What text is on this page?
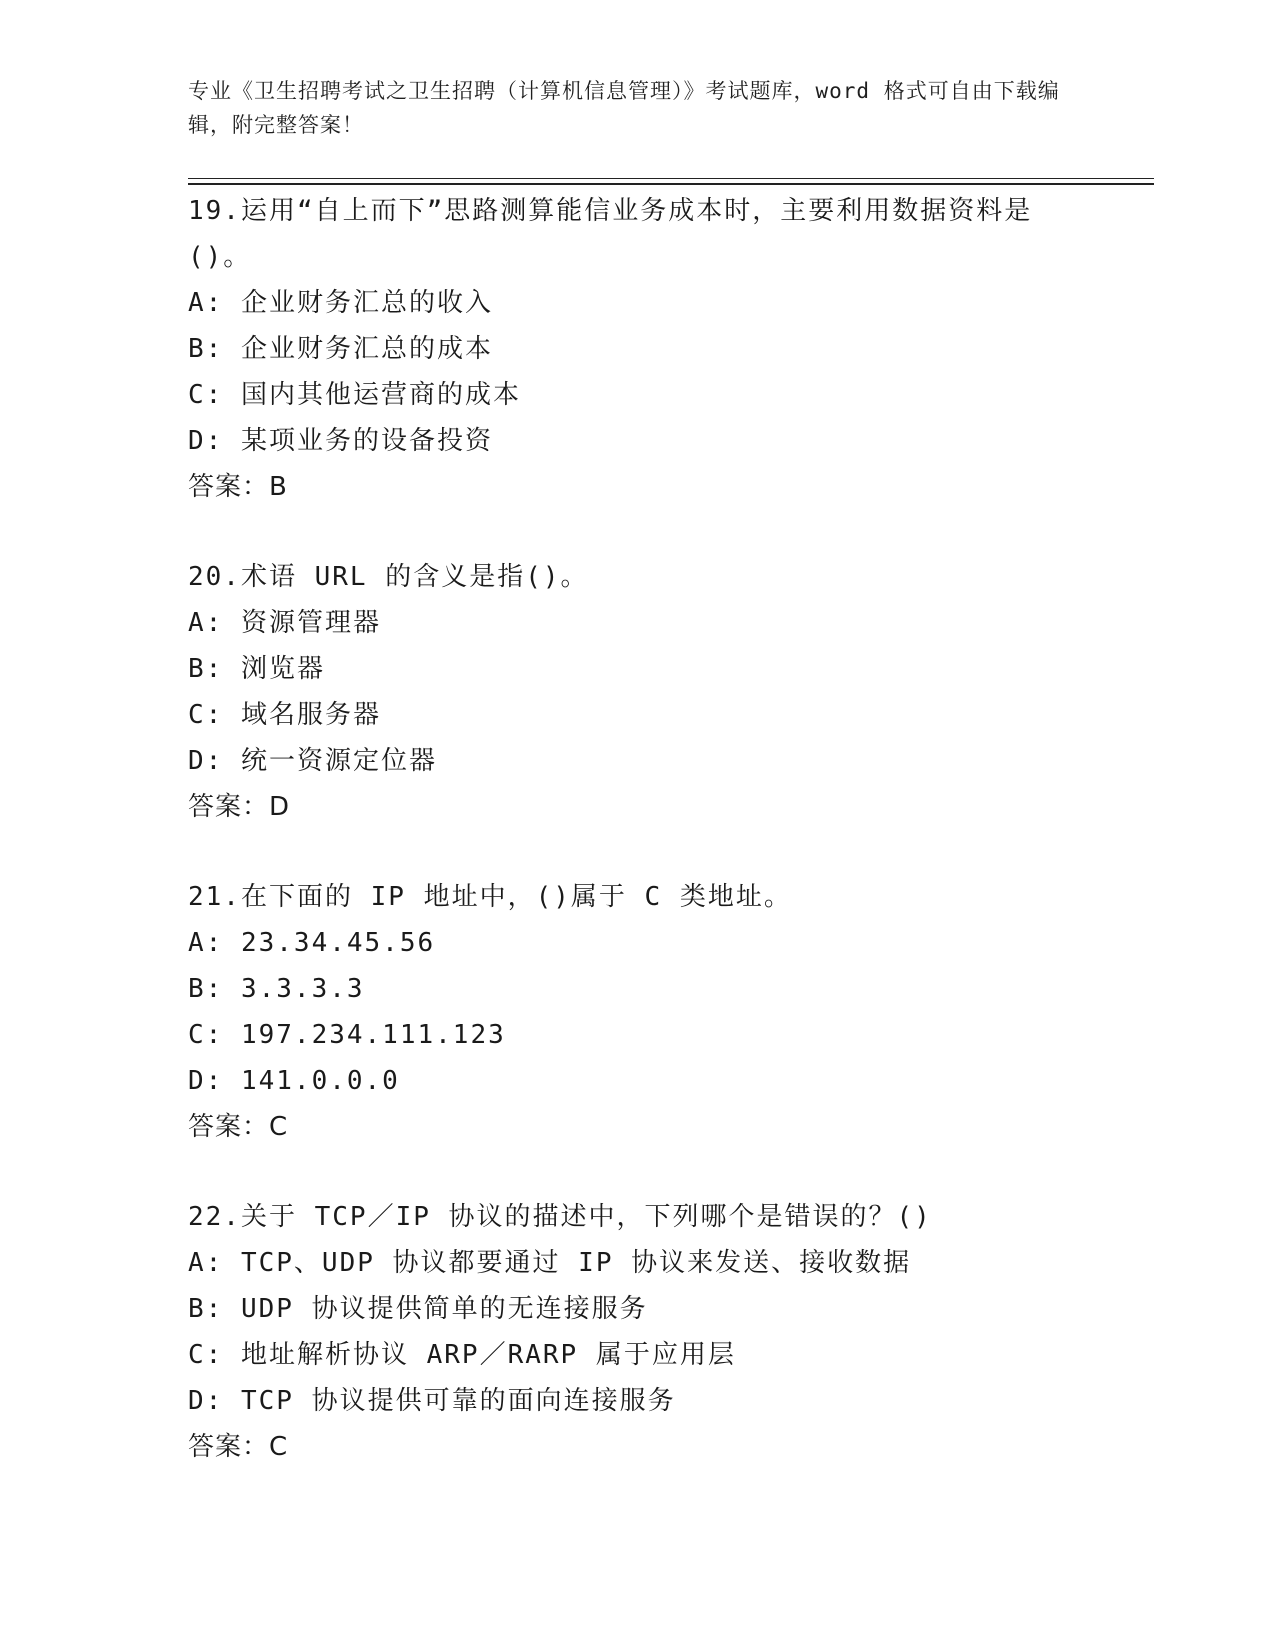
专业《卫生招聘考试之卫生招聘（计算机信息管理）》考试题库，word 格式可自由下载编辑，附完整答案！
19.运用“自上而下”思路测算能信业务成本时，主要利用数据资料是()。
A: 企业财务汇总的收入
B: 企业财务汇总的成本
C: 国内其他运营商的成本
D: 某项业务的设备投资
答案：B
20.术语 URL 的含义是指()。
A: 资源管理器
B: 浏览器
C: 域名服务器
D: 统一资源定位器
答案：D
21.在下面的 IP 地址中，()属于 C 类地址。
A: 23.34.45.56
B: 3.3.3.3
C: 197.234.111.123
D: 141.0.0.0
答案：C
22.关于 TCP／IP 协议的描述中，下列哪个是错误的？()
A: TCP、UDP 协议都要通过 IP 协议来发送、接收数据
B: UDP 协议提供简单的无连接服务
C: 地址解析协议 ARP／RARP 属于应用层
D: TCP 协议提供可靠的面向连接服务
答案：C
